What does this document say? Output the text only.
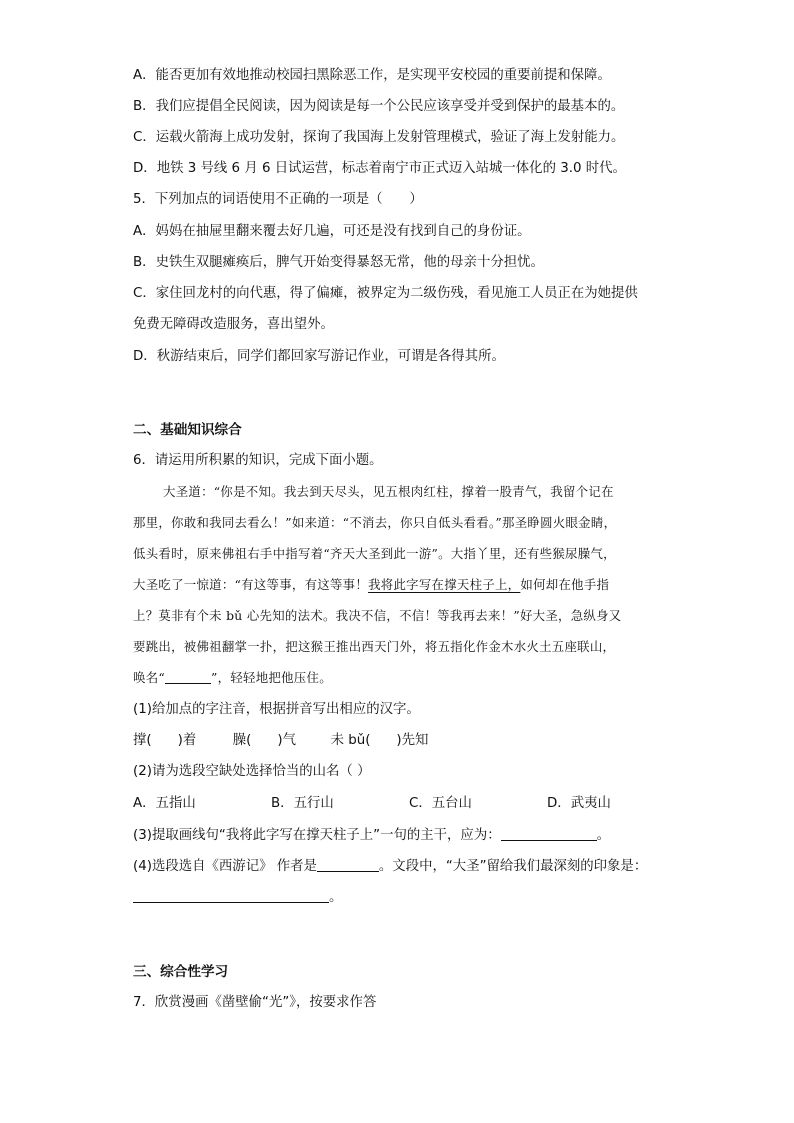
A．能否更加有效地推动校园扫黑除恶工作，是实现平安校园的重要前提和保障。
B．我们应提倡全民阅读，因为阅读是每一个公民应该享受并受到保护的最基本的。
C．运载火箭海上成功发射，探询了我国海上发射管理模式，验证了海上发射能力。
D．地铁 3 号线 6 月 6 日试运营，标志着南宁市正式迈入站城一体化的 3.0 时代。
5．下列加点的词语使用不正确的一项是（　　）
A．妈妈在抽屉里翻来覆去好几遍，可还是没有找到自己的身份证。
B．史铁生双腿瘫痪后，脾气开始变得暴怒无常，他的母亲十分担忧。
C．家住回龙村的向代惠，得了偏瘫，被界定为二级伤残，看见施工人员正在为她提供
免费无障碍改造服务，喜出望外。
D．秋游结束后，同学们都回家写游记作业，可谓是各得其所。
二、基础知识综合
6．请运用所积累的知识，完成下面小题。
大圣道：“你是不知。我去到天尽头，见五根肉红柱，撑着一股青气，我留个记在
那里，你敢和我同去看么！”如来道：“不消去，你只自低头看看。”那圣睁圆火眼金睛，
低头看时，原来佛祖右手中指写着“齐天大圣到此一游”。大指丫里，还有些猴尿臊气，
大圣吃了一惊道：“有这等事，有这等事！我将此字写在撑天柱子上，如何却在他手指
上？莫非有个未 bǔ 心先知的法术。我决不信，不信！等我再去来！”好大圣，急纵身又
要跳出，被佛祖翻掌一扑，把这猴王推出西天门外，将五指化作金木水火土五座联山，
唤名“	”，轻轻地把他压住。
(1)给加点的字注音，根据拼音写出相应的汉字。
撑( )着	臊( )气	未 bǔ( )先知
(2)请为选段空缺处选择恰当的山名（ ）
A．五指山	B．五行山	C．五台山	D．武夷山
(3)提取画线句“我将此字写在撑天柱子上”一句的主干，应为：	。
(4)选段选自《西游记》 作者是	。文段中，“大圣”留给我们最深刻的印象是：
。
三、综合性学习
7．欣赏漫画《凿壁偷“光”》，按要求作答
